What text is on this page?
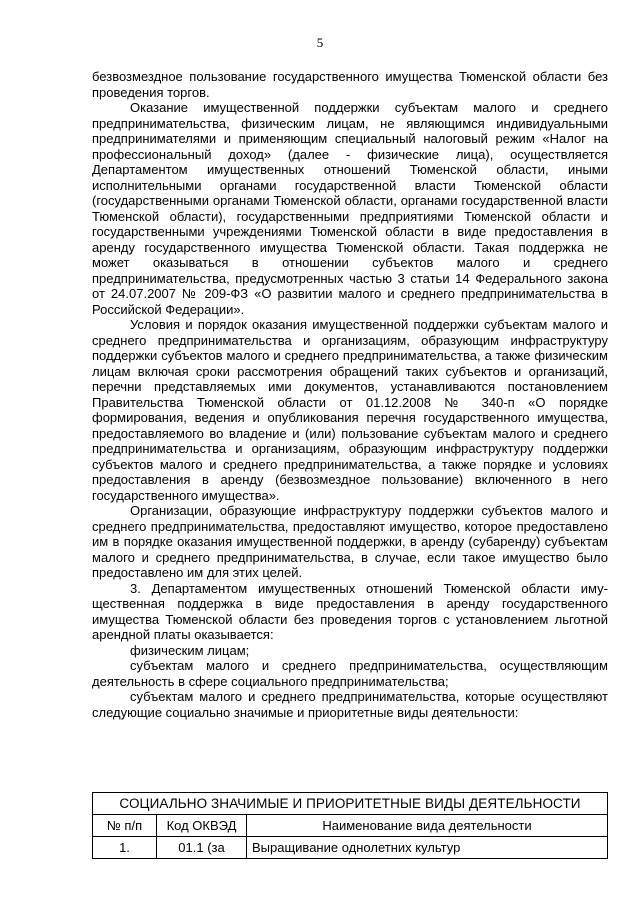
5

безвозмездное пользование государственного имущества Тюменской области без проведения торгов.

Оказание имущественной поддержки субъектам малого и среднего предпринимательства, физическим лицам, не являющимся индивидуальными предпринимателями и применяющим специальный налоговый режим «Налог на профессиональный доход» (далее - физические лица), осуществляется Департаментом имущественных отношений Тюменской области, иными исполнительными органами государственной власти Тюменской области (государственными органами Тюменской области, органами государственной власти Тюменской области), государственными предприятиями Тюменской области и государственными учреждениями Тюменской области в виде предоставления в аренду государственного имущества Тюменской области. Такая поддержка не может оказываться в отношении субъектов малого и среднего предпринимательства, предусмотренных частью 3 статьи 14 Федерального закона от 24.07.2007 № 209-ФЗ «О развитии малого и среднего предпринимательства в Российской Федерации».

Условия и порядок оказания имущественной поддержки субъектам малого и среднего предпринимательства и организациям, образующим инфраструктуру поддержки субъектов малого и среднего предпринимательства, а также физическим лицам включая сроки рассмотрения обращений таких субъектов и организаций, перечни представляемых ими документов, устанавливаются постановлением Правительства Тюменской области от 01.12.2008 № 340-п «О порядке формирования, ведения и опубликования перечня государственного имущества, предоставляемого во владение и (или) пользование субъектам малого и среднего предпринимательства и организациям, образующим инфраструктуру поддержки субъектов малого и среднего предпринимательства, а также порядке и условиях предоставления в аренду (безвозмездное пользование) включенного в него государственного имущества».

Организации, образующие инфраструктуру поддержки субъектов малого и среднего предпринимательства, предоставляют имущество, которое предоставлено им в порядке оказания имущественной поддержки, в аренду (субаренду) субъектам малого и среднего предпринимательства, в случае, если такое имущество было предоставлено им для этих целей.

3. Департаментом имущественных отношений Тюменской области имущественная поддержка в виде предоставления в аренду государственного имущества Тюменской области без проведения торгов с установлением льготной арендной платы оказывается:

физическим лицам;

субъектам малого и среднего предпринимательства, осуществляющим деятельность в сфере социального предпринимательства;

субъектам малого и среднего предпринимательства, которые осуществляют следующие социально значимые и приоритетные виды деятельности:

СОЦИАЛЬНО ЗНАЧИМЫЕ И ПРИОРИТЕТНЫЕ ВИДЫ ДЕЯТЕЛЬНОСТИ		
№ п/п	Код ОКВЭД	Наименование вида деятельности
1.	01.1 (за	Выращивание однолетних культур
